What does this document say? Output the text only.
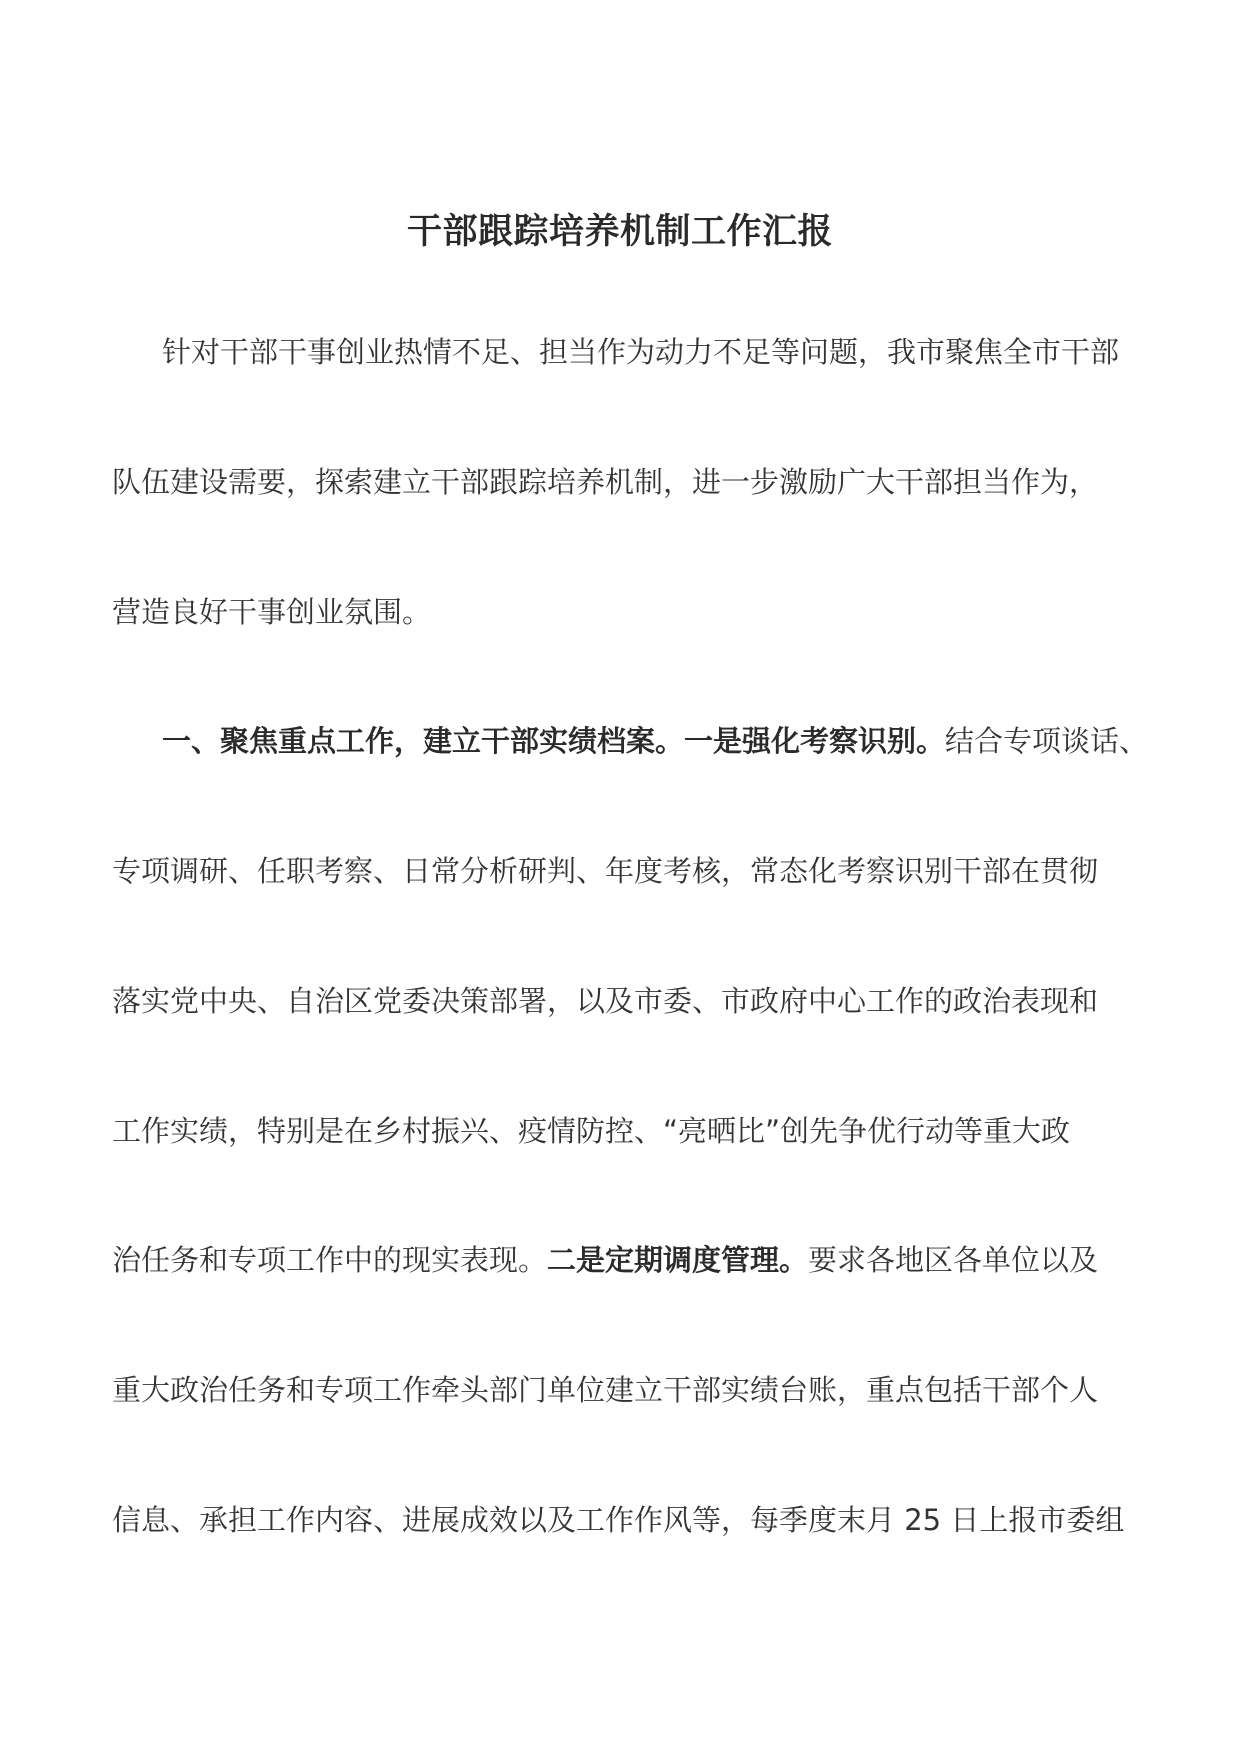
干部跟踪培养机制工作汇报
针对干部干事创业热情不足、担当作为动力不足等问题，我市聚焦全市干部
队伍建设需要，探索建立干部跟踪培养机制，进一步激励广大干部担当作为，
营造良好干事创业氛围。
一、聚焦重点工作，建立干部实绩档案。一是强化考察识别。结合专项谈话、
专项调研、任职考察、日常分析研判、年度考核，常态化考察识别干部在贯彻
落实党中央、自治区党委决策部署，以及市委、市政府中心工作的政治表现和
工作实绩，特别是在乡村振兴、疫情防控、“亮晒比”创先争优行动等重大政
治任务和专项工作中的现实表现。二是定期调度管理。要求各地区各单位以及
重大政治任务和专项工作牵头部门单位建立干部实绩台账，重点包括干部个人
信息、承担工作内容、进展成效以及工作作风等，每季度末月 25 日上报市委组
